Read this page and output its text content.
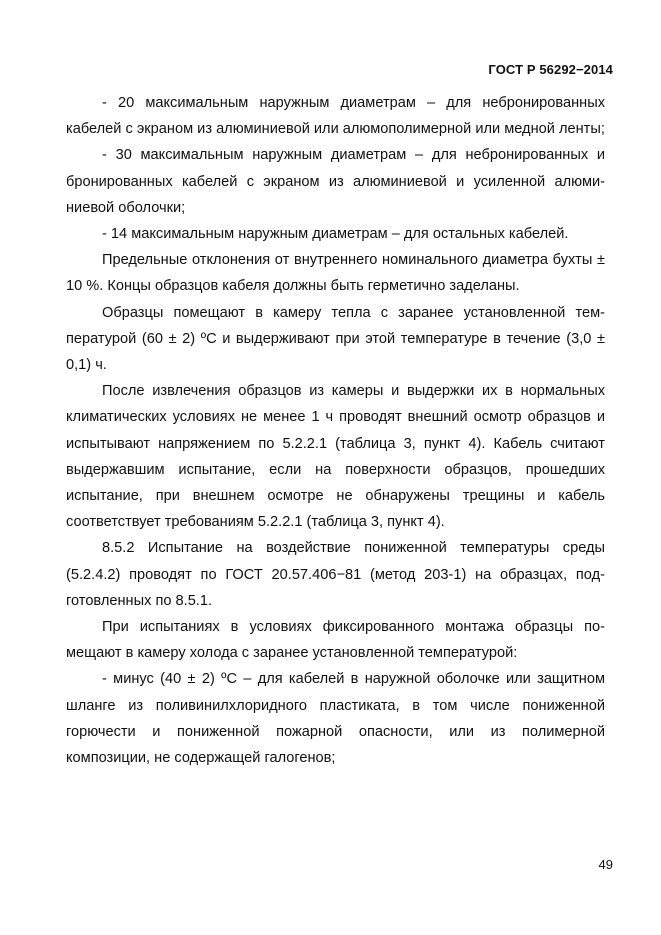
ГОСТ Р 56292−2014

- 20 максимальным наружным диаметрам – для небронированных кабелей с экраном из алюминиевой или алюмополимерной или медной ленты;

- 30 максимальным наружным диаметрам – для небронированных и бронированных кабелей с экраном из алюминиевой и усиленной алюминиевой оболочки;

- 14 максимальным наружным диаметрам – для остальных кабелей.

Предельные отклонения от внутреннего номинального диаметра бухты ± 10 %. Концы образцов кабеля должны быть герметично заделаны.

Образцы помещают в камеру тепла с заранее установленной температурой (60 ± 2) ºС и выдерживают при этой температуре в течение (3,0 ± 0,1) ч.

После извлечения образцов из камеры и выдержки их в нормальных климатических условиях не менее 1 ч проводят внешний осмотр образцов и испытывают напряжением по 5.2.2.1 (таблица 3, пункт 4). Кабель считают выдержавшим испытание, если на поверхности образцов, прошедших испытание, при внешнем осмотре не обнаружены трещины и кабель соответствует требованиям 5.2.2.1 (таблица 3, пункт 4).

8.5.2 Испытание на воздействие пониженной температуры среды (5.2.4.2) проводят по ГОСТ 20.57.406−81 (метод 203-1) на образцах, подготовленных по 8.5.1.

При испытаниях в условиях фиксированного монтажа образцы помещают в камеру холода с заранее установленной температурой:

- минус (40 ± 2) ºС – для кабелей в наружной оболочке или защитном шланге из поливинилхлоридного пластиката, в том числе пониженной горючести и пониженной пожарной опасности, или из полимерной композиции, не содержащей галогенов;

49
